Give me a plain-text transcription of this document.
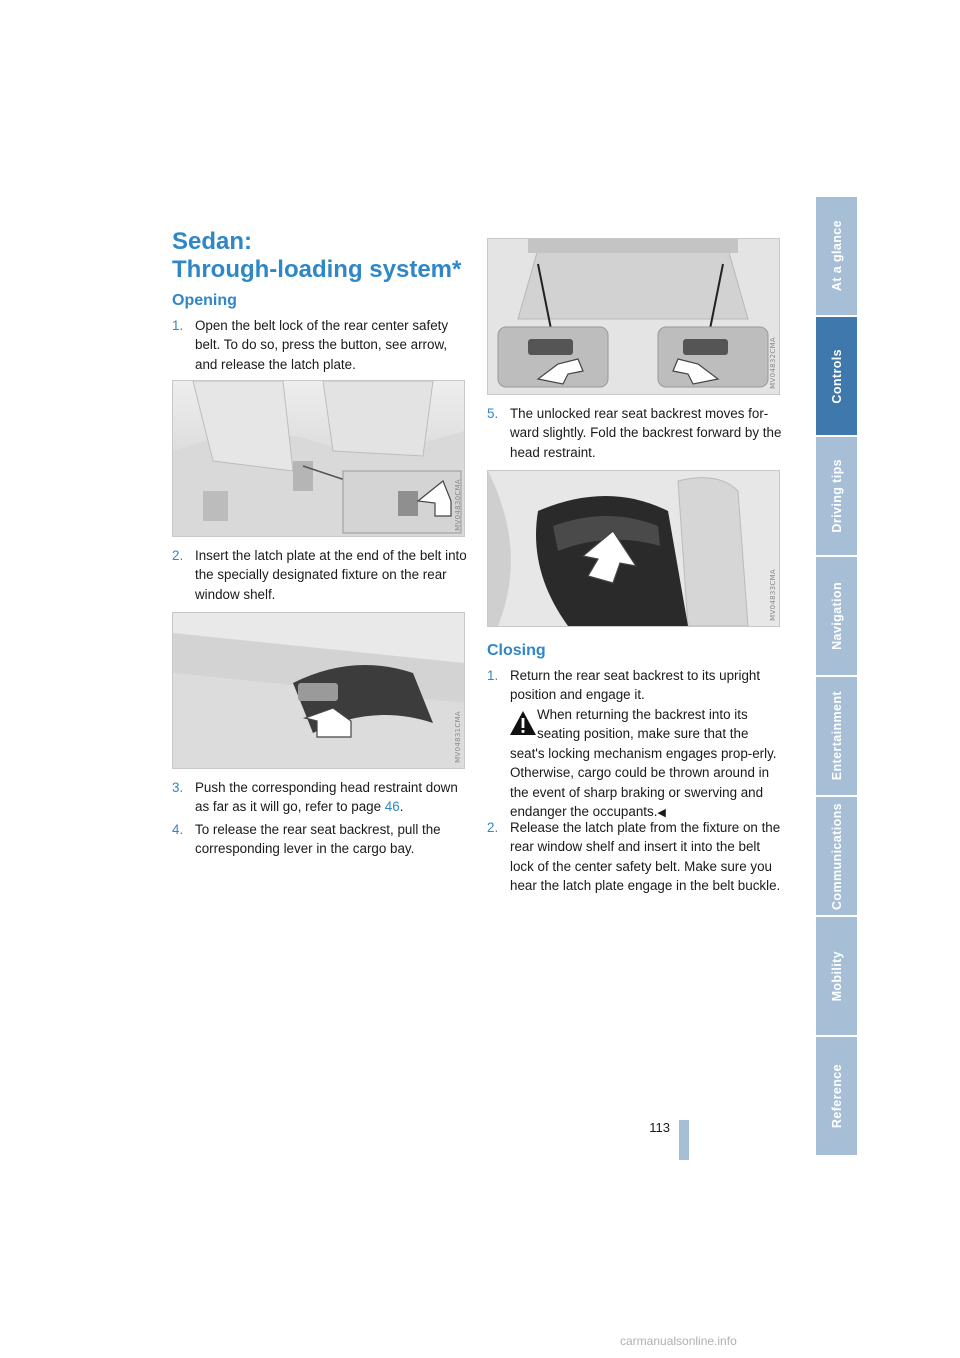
Sedan:
Through-loading system*
Opening
1. Open the belt lock of the rear center safety belt. To do so, press the button, see arrow, and release the latch plate.
MV04830CMA
2. Insert the latch plate at the end of the belt into the specially designated fixture on the rear window shelf.
MV04831CMA
3. Push the corresponding head restraint down as far as it will go, refer to page 46.
4. To release the rear seat backrest, pull the corresponding lever in the cargo bay.
MV04832CMA
5. The unlocked rear seat backrest moves for-ward slightly. Fold the backrest forward by the head restraint.
MV04833CMA
Closing
1. Return the rear seat backrest to its upright position and engage it.
When returning the backrest into its seating position, make sure that the seat's locking mechanism engages prop-erly. Otherwise, cargo could be thrown around in the event of sharp braking or swerving and endanger the occupants.◀
2. Release the latch plate from the fixture on the rear window shelf and insert it into the belt lock of the center safety belt. Make sure you hear the latch plate engage in the belt buckle.
At a glance
Controls
Driving tips
Navigation
Entertainment
Communications
Mobility
Reference
113
carmanualsonline.info
